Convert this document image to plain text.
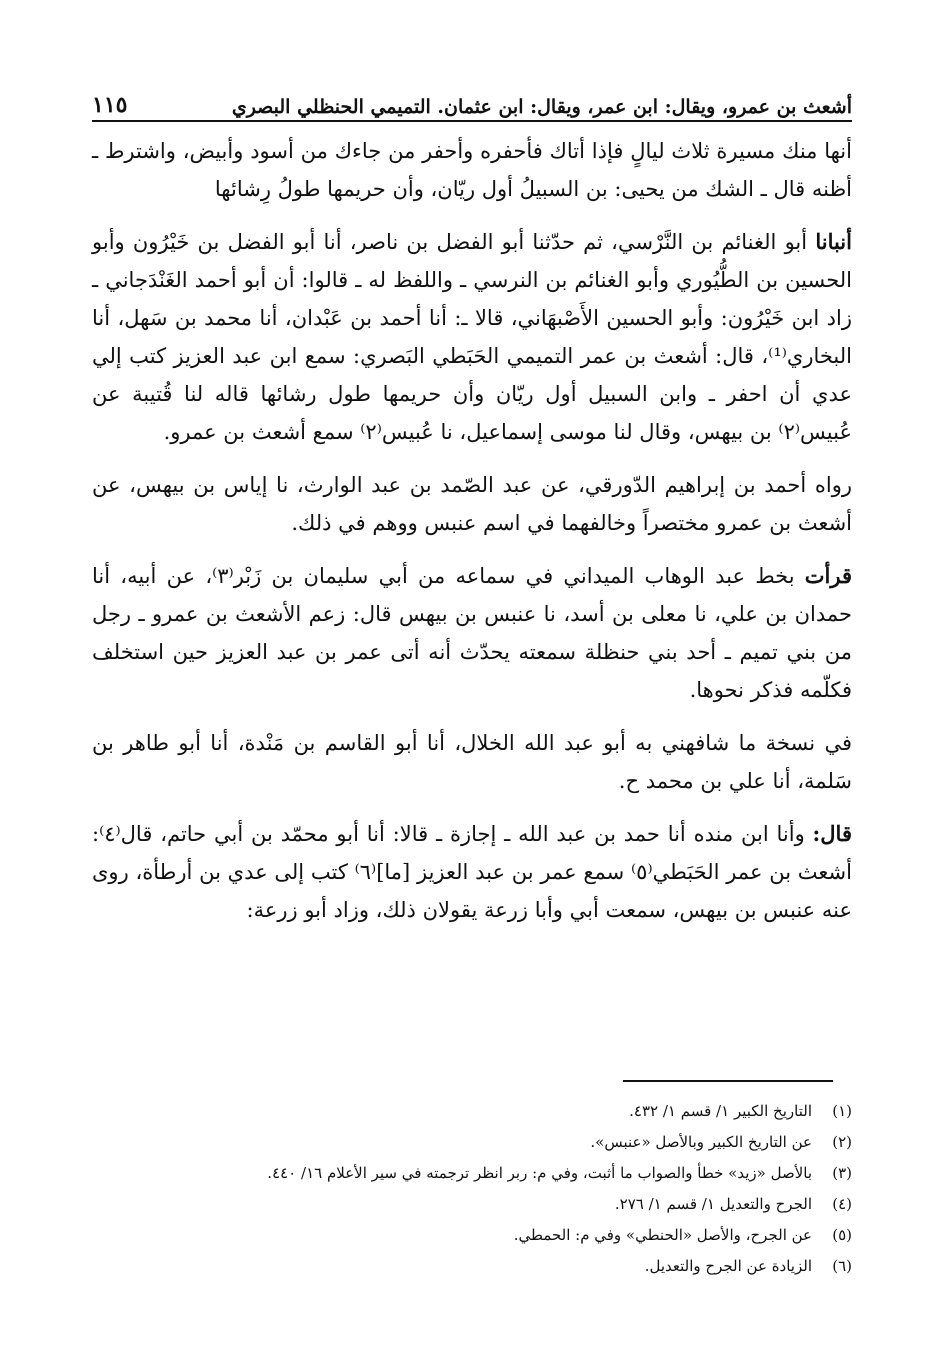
أشعث بن عمرو، ويقال: ابن عمر، ويقال: ابن عثمان. التميمي الحنظلي البصري
١١٥

أنها منك مسيرة ثلاث ليالٍ فإذا أتاك فأحفره وأحفر من جاءك من أسود وأبيض، واشترط ـ أظنه قال ـ الشك من يحيى: بن السبيلُ أول ريّان، وأن حريمها طولُ رِشائها

أنبانا أبو الغنائم بن النَّرْسي، ثم حدّثنا أبو الفضل بن ناصر، أنا أبو الفضل بن خَيْرُون وأبو الحسين بن الطُّيُوري وأبو الغنائم بن النرسي ـ واللفظ له ـ قالوا: أن أبو أحمد الغَنْدَجاني ـ زاد ابن خَيْرُون: وأبو الحسين الأَصْبهَاني، قالا ـ: أنا أحمد بن عَبْدان، أنا محمد بن سَهل، أنا البخاري⁽¹⁾، قال: أشعث بن عمر التميمي الحَبَطي البَصري: سمع ابن عبد العزيز كتب إلي عدي أن احفر ـ وابن السبيل أول ريّان وأن حريمها طول رشائها قاله لنا قُتيبة عن عُبيس⁽٢⁾ بن بيهس، وقال لنا موسى إسماعيل، نا عُبيس⁽٢⁾ سمع أشعث بن عمرو.

رواه أحمد بن إبراهيم الدّورقي، عن عبد الصّمد بن عبد الوارث، نا إياس بن بيهس، عن أشعث بن عمرو مختصراً وخالفهما في اسم عنبس ووهم في ذلك.

قرأت بخط عبد الوهاب الميداني في سماعه من أبي سليمان بن زَبْر⁽٣⁾، عن أبيه، أنا حمدان بن علي، نا معلى بن أسد، نا عنبس بن بيهس قال: زعم الأشعث بن عمرو ـ رجل من بني تميم ـ أحد بني حنظلة سمعته يحدّث أنه أتى عمر بن عبد العزيز حين استخلف فكلّمه فذكر نحوها.

في نسخة ما شافهني به أبو عبد الله الخلال، أنا أبو القاسم بن مَنْدة، أنا أبو طاهر بن سَلمة، أنا علي بن محمد ح.

قال: وأنا ابن منده أنا حمد بن عبد الله ـ إجازة ـ قالا: أنا أبو محمّد بن أبي حاتم، قال⁽٤⁾: أشعث بن عمر الحَبَطي⁽٥⁾ سمع عمر بن عبد العزيز [ما]⁽٦⁾ كتب إلى عدي بن أرطأة، روى عنه عنبس بن بيهس، سمعت أبي وأبا زرعة يقولان ذلك، وزاد أبو زرعة:

(١)
التاريخ الكبير ١/ قسم ١/ ٤٣٢.
(٢)
عن التاريخ الكبير وبالأصل «عنبس».
(٣)
بالأصل «زيد» خطأ والصواب ما أثبت، وفي م: ربر انظر ترجمته في سير الأعلام ١٦/ ٤٤٠.
(٤)
الجرح والتعديل ١/ قسم ١/ ٢٧٦.
(٥)
عن الجرح، والأصل «الحنطي» وفي م: الحمطي.
(٦)
الزيادة عن الجرح والتعديل.
